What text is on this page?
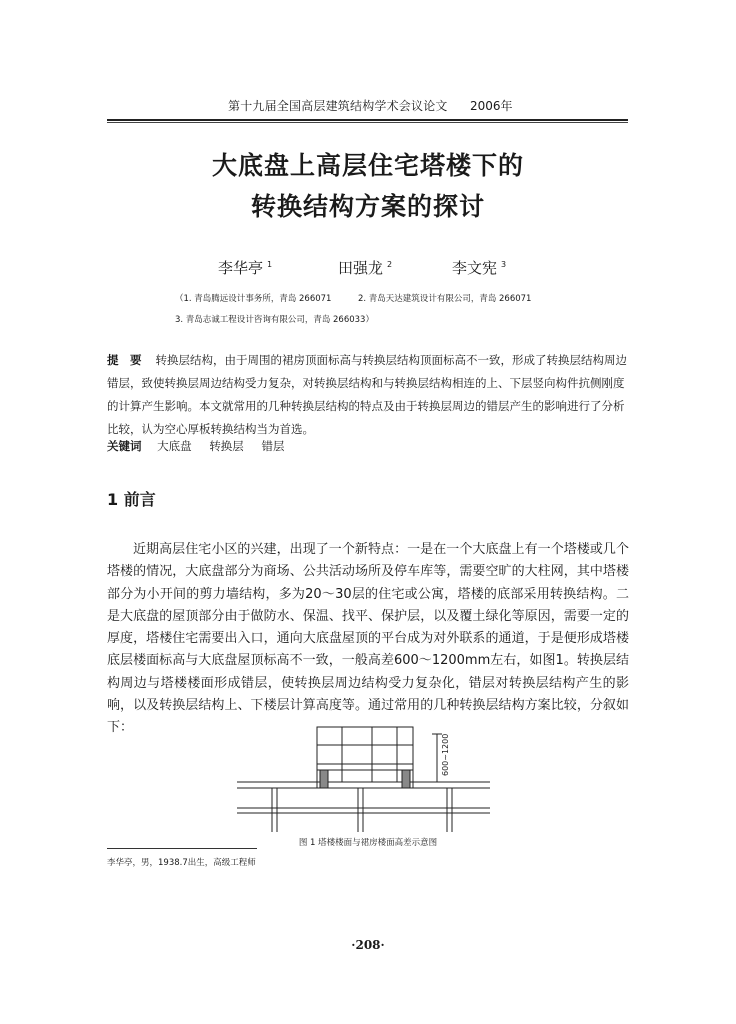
第十九届全国高层建筑结构学术会议论文 2006年
大底盘上高层住宅塔楼下的
转换结构方案的探讨
李华亭 $^1$	田强龙 $^2$	李文宪 $^3$
（1. 青岛腾远设计事务所，青岛 266071	2. 青岛天达建筑设计有限公司，青岛 266071
3. 青岛志诚工程设计咨询有限公司，青岛 266033）
提　要 转换层结构，由于周围的裙房顶面标高与转换层结构顶面标高不一致，形成了转换层结构周边错层，致使转换层周边结构受力复杂，对转换层结构和与转换层结构相连的上、下层竖向构件抗侧刚度的计算产生影响。本文就常用的几种转换层结构的特点及由于转换层周边的错层产生的影响进行了分析比较，认为空心厚板转换结构当为首选。
关键词 大底盘 转换层 错层
1 前言
近期高层住宅小区的兴建，出现了一个新特点：一是在一个大底盘上有一个塔楼或几个塔楼的情况，大底盘部分为商场、公共活动场所及停车库等，需要空旷的大柱网，其中塔楼部分为小开间的剪力墙结构，多为20～30层的住宅或公寓，塔楼的底部采用转换结构。二是大底盘的屋顶部分由于做防水、保温、找平、保护层，以及覆土绿化等原因，需要一定的厚度，塔楼住宅需要出入口，通向大底盘屋顶的平台成为对外联系的通道，于是便形成塔楼底层楼面标高与大底盘屋顶标高不一致，一般高差600～1200mm左右，如图1。转换层结构周边与塔楼楼面形成错层，使转换层周边结构受力复杂化，错层对转换层结构产生的影响，以及转换层结构上、下楼层计算高度等。通过常用的几种转换层结构方案比较，分叙如下：
600~1200
图 1 塔楼楼面与裙房楼面高差示意图
李华亭，男，1938.7出生，高级工程师
·208·
